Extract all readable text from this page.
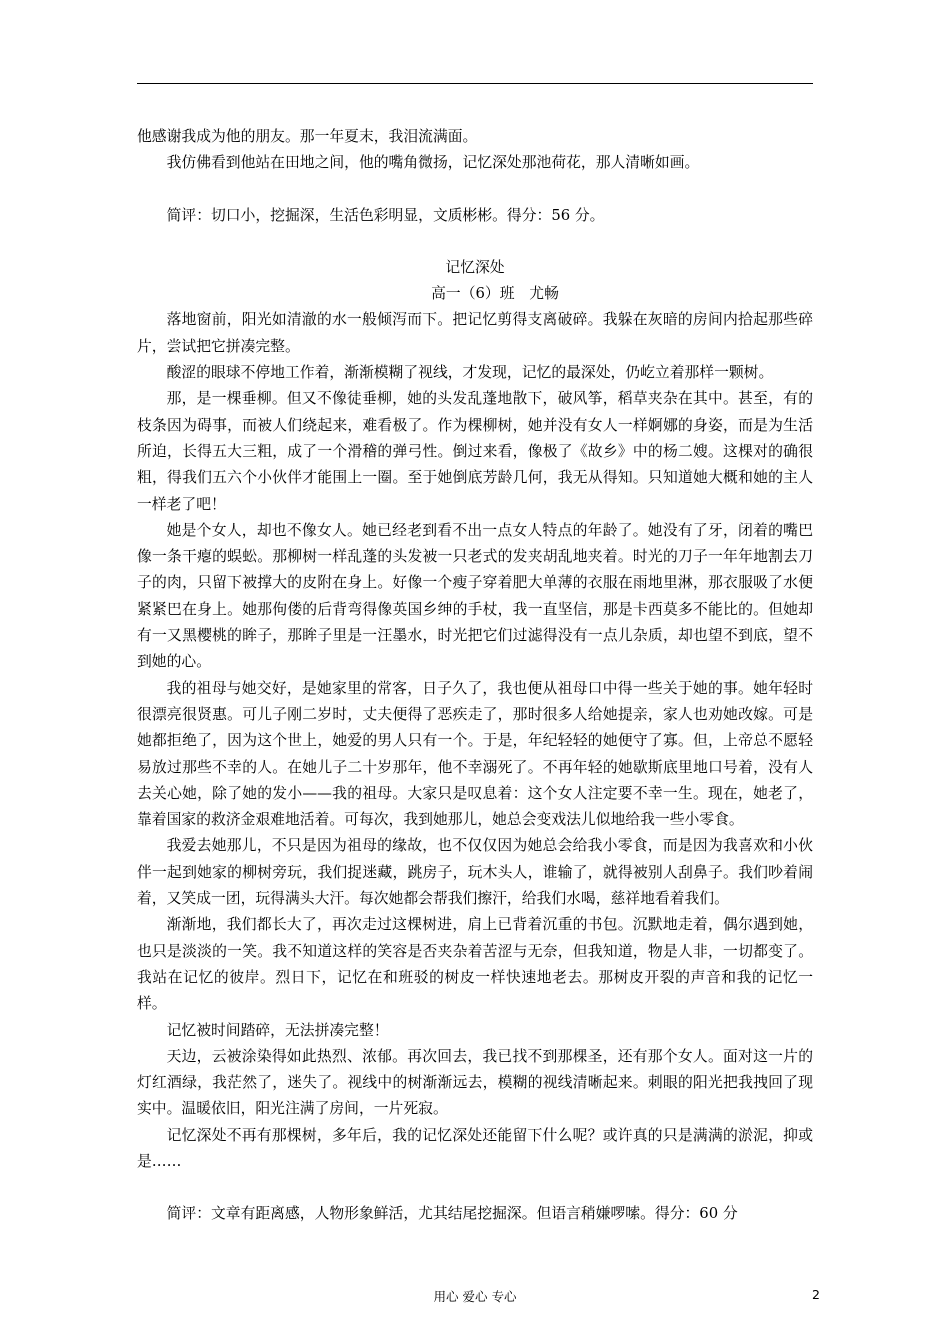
他感谢我成为他的朋友。那一年夏末，我泪流满面。

我仿佛看到他站在田地之间，他的嘴角微扬，记忆深处那池荷花，那人清晰如画。

简评：切口小，挖掘深，生活色彩明显，文质彬彬。得分：56 分。

记忆深处

高一（6）班　尤畅

落地窗前，阳光如清澈的水一般倾泻而下。把记忆剪得支离破碎。我躲在灰暗的房间内拾起那些碎片，尝试把它拼凑完整。

酸涩的眼球不停地工作着，渐渐模糊了视线，才发现，记忆的最深处，仍屹立着那样一颗树。

那，是一棵垂柳。但又不像徒垂柳，她的头发乱蓬地散下，破风筝，稻草夹杂在其中。甚至，有的枝条因为碍事，而被人们绕起来，难看极了。作为棵柳树，她并没有女人一样婀娜的身姿，而是为生活所迫，长得五大三粗，成了一个滑稽的弹弓性。倒过来看，像极了《故乡》中的杨二嫂。这棵对的确很粗，得我们五六个小伙伴才能围上一圈。至于她倒底芳龄几何，我无从得知。只知道她大概和她的主人一样老了吧！

她是个女人，却也不像女人。她已经老到看不出一点女人特点的年龄了。她没有了牙，闭着的嘴巴像一条干瘪的蜈蚣。那柳树一样乱蓬的头发被一只老式的发夹胡乱地夹着。时光的刀子一年年地割去刀子的肉，只留下被撑大的皮附在身上。好像一个瘦子穿着肥大单薄的衣服在雨地里淋，那衣服吸了水便紧紧巴在身上。她那佝偻的后背弯得像英国乡绅的手杖，我一直坚信，那是卡西莫多不能比的。但她却有一又黑樱桃的眸子，那眸子里是一汪墨水，时光把它们过滤得没有一点儿杂质，却也望不到底，望不到她的心。

我的祖母与她交好，是她家里的常客，日子久了，我也便从祖母口中得一些关于她的事。她年轻时很漂亮很贤惠。可儿子刚二岁时，丈夫便得了恶疾走了，那时很多人给她提亲，家人也劝她改嫁。可是她都拒绝了，因为这个世上，她爱的男人只有一个。于是，年纪轻轻的她便守了寡。但，上帝总不愿轻易放过那些不幸的人。在她儿子二十岁那年，他不幸溺死了。不再年轻的她歇斯底里地口号着，没有人去关心她，除了她的发小——我的祖母。大家只是叹息着：这个女人注定要不幸一生。现在，她老了，靠着国家的救济金艰难地活着。可每次，我到她那儿，她总会变戏法儿似地给我一些小零食。

我爱去她那儿，不只是因为祖母的缘故，也不仅仅因为她总会给我小零食，而是因为我喜欢和小伙伴一起到她家的柳树旁玩，我们捉迷藏，跳房子，玩木头人，谁输了，就得被别人刮鼻子。我们吵着闹着，又笑成一团，玩得满头大汗。每次她都会帮我们擦汗，给我们水喝，慈祥地看着我们。

渐渐地，我们都长大了，再次走过这棵树进，肩上已背着沉重的书包。沉默地走着，偶尔遇到她，也只是淡淡的一笑。我不知道这样的笑容是否夹杂着苦涩与无奈，但我知道，物是人非，一切都变了。我站在记忆的彼岸。烈日下，记忆在和班驳的树皮一样快速地老去。那树皮开裂的声音和我的记忆一样。

记忆被时间踏碎，无法拼凑完整！

天边，云被涂染得如此热烈、浓郁。再次回去，我已找不到那棵圣，还有那个女人。面对这一片的灯红酒绿，我茫然了，迷失了。视线中的树渐渐远去，模糊的视线清晰起来。刺眼的阳光把我拽回了现实中。温暖依旧，阳光注满了房间，一片死寂。

记忆深处不再有那棵树，多年后，我的记忆深处还能留下什么呢？或许真的只是满满的淤泥，抑或是……

简评：文章有距离感，人物形象鲜活，尤其结尾挖掘深。但语言稍嫌啰嗦。得分：60 分

用心 爱心 专心	2
